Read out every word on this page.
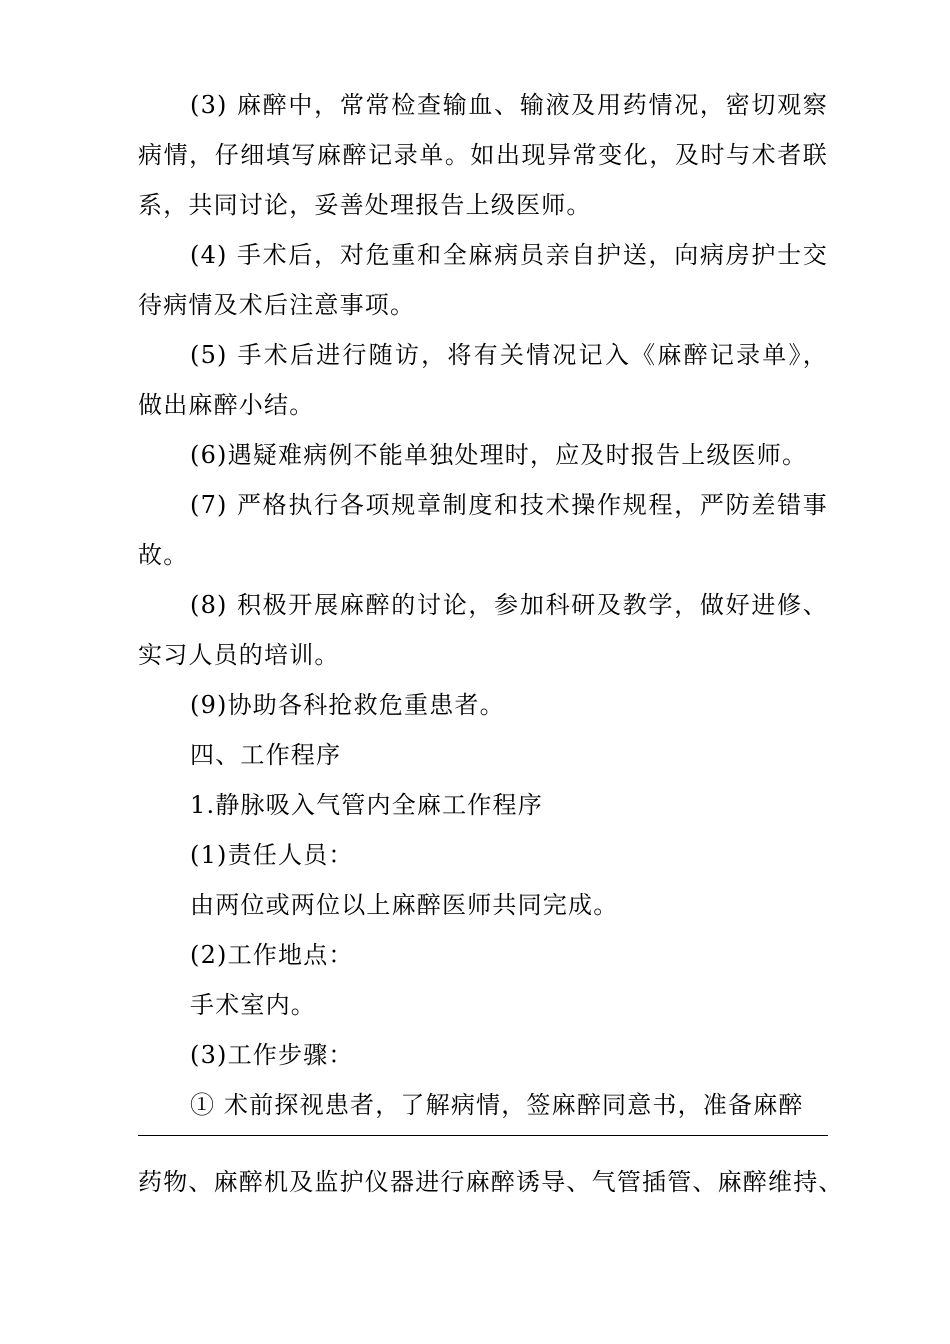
(3) 麻醉中，常常检查输血、输液及用药情况，密切观察病情，仔细填写麻醉记录单。如出现异常变化，及时与术者联系，共同讨论，妥善处理报告上级医师。

(4) 手术后，对危重和全麻病员亲自护送，向病房护士交待病情及术后注意事项。

(5) 手术后进行随访，将有关情况记入《麻醉记录单》，做出麻醉小结。

(6)遇疑难病例不能单独处理时，应及时报告上级医师。

(7) 严格执行各项规章制度和技术操作规程，严防差错事故。

(8) 积极开展麻醉的讨论，参加科研及教学，做好进修、实习人员的培训。

(9)协助各科抢救危重患者。

四、工作程序

1.静脉吸入气管内全麻工作程序

(1)责任人员：

由两位或两位以上麻醉医师共同完成。

(2)工作地点：

手术室内。

(3)工作步骤：

① 术前探视患者，了解病情，签麻醉同意书，准备麻醉

药物、麻醉机及监护仪器进行麻醉诱导、气管插管、麻醉维持、
